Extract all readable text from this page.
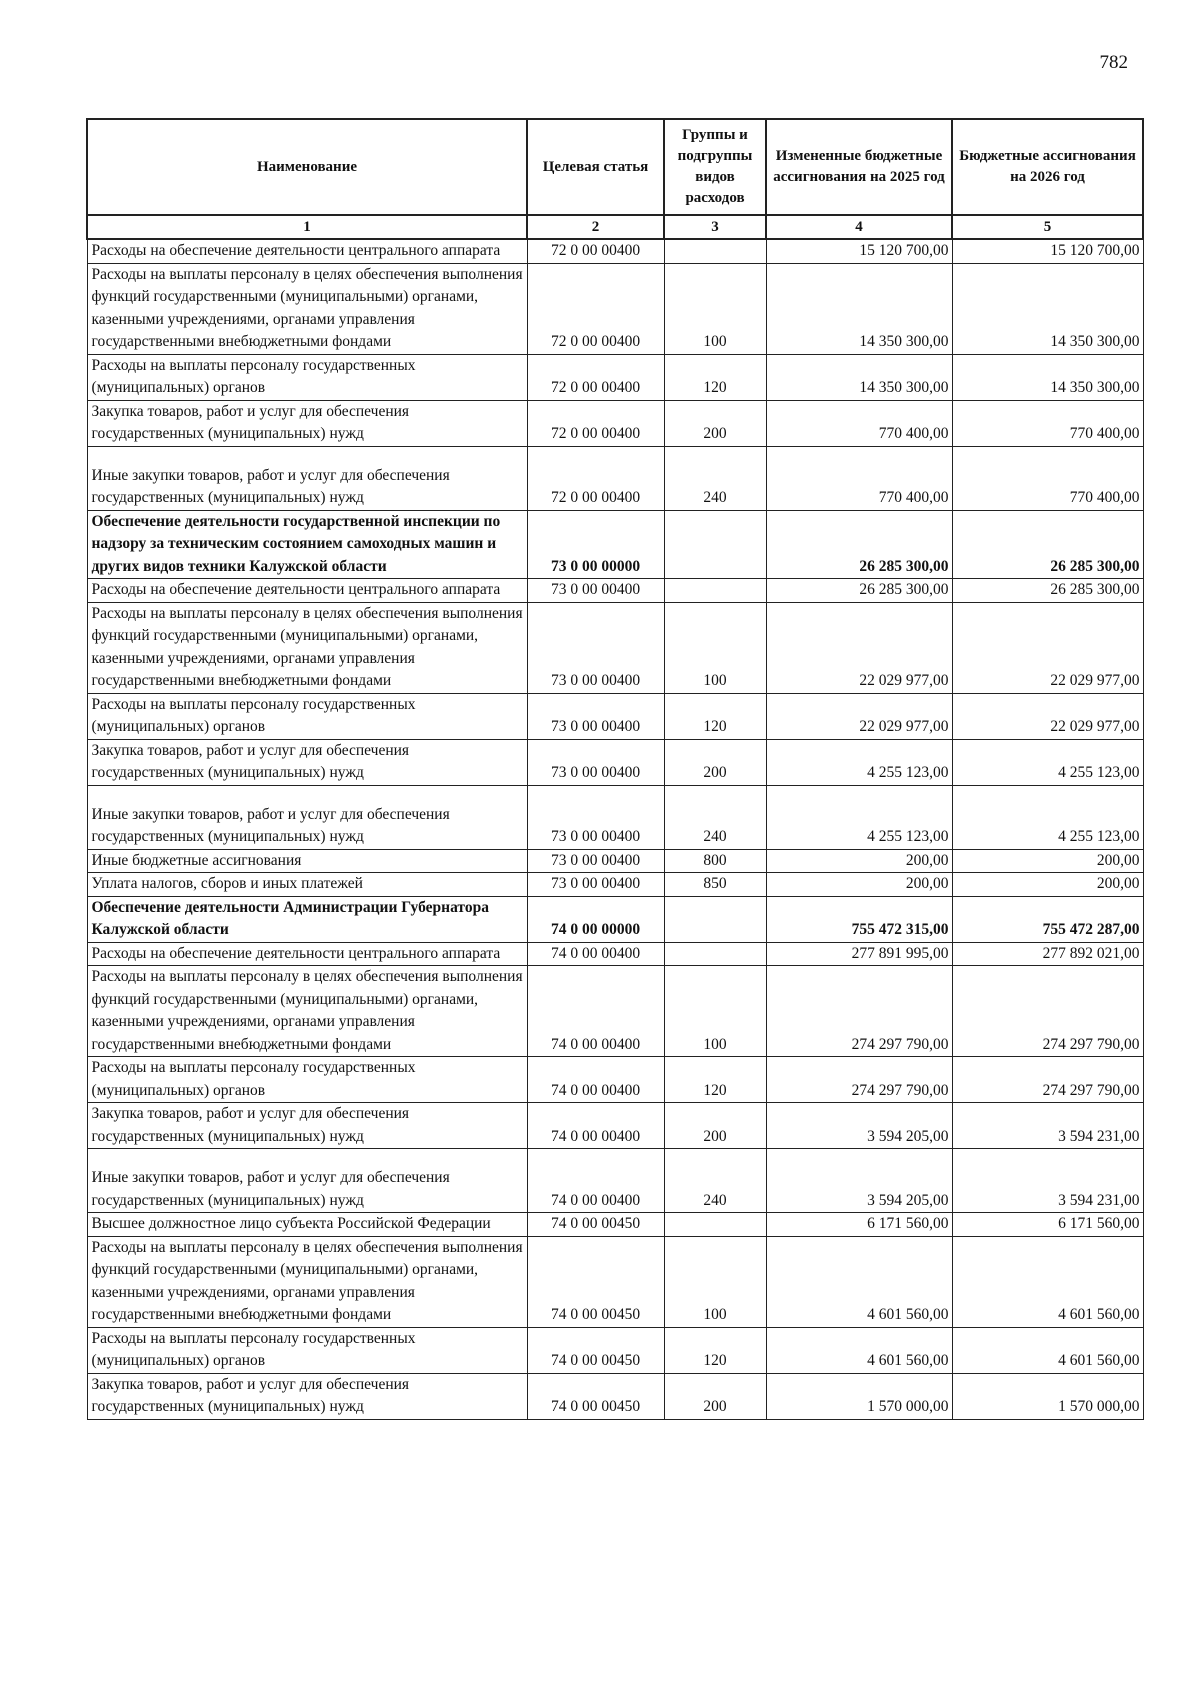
782
Наименование	Целевая статья	Группы и подгруппы видов расходов	Измененные бюджетные ассигнования на 2025 год	Бюджетные ассигнования на 2026 год
1	2	3	4	5
Расходы на обеспечение деятельности центрального аппарата	72 0 00 00400		15 120 700,00	15 120 700,00
Расходы на выплаты персоналу в целях обеспечения выполнения функций государственными (муниципальными) органами, казенными учреждениями, органами управления государственными внебюджетными фондами	72 0 00 00400	100	14 350 300,00	14 350 300,00
Расходы на выплаты персоналу государственных (муниципальных) органов	72 0 00 00400	120	14 350 300,00	14 350 300,00
Закупка товаров, работ и услуг для обеспечения государственных (муниципальных) нужд	72 0 00 00400	200	770 400,00	770 400,00
Иные закупки товаров, работ и услуг для обеспечения государственных (муниципальных) нужд	72 0 00 00400	240	770 400,00	770 400,00
Обеспечение деятельности государственной инспекции по надзору за техническим состоянием самоходных машин и других видов техники Калужской области	73 0 00 00000		26 285 300,00	26 285 300,00
Расходы на обеспечение деятельности центрального аппарата	73 0 00 00400		26 285 300,00	26 285 300,00
Расходы на выплаты персоналу в целях обеспечения выполнения функций государственными (муниципальными) органами, казенными учреждениями, органами управления государственными внебюджетными фондами	73 0 00 00400	100	22 029 977,00	22 029 977,00
Расходы на выплаты персоналу государственных (муниципальных) органов	73 0 00 00400	120	22 029 977,00	22 029 977,00
Закупка товаров, работ и услуг для обеспечения государственных (муниципальных) нужд	73 0 00 00400	200	4 255 123,00	4 255 123,00
Иные закупки товаров, работ и услуг для обеспечения государственных (муниципальных) нужд	73 0 00 00400	240	4 255 123,00	4 255 123,00
Иные бюджетные ассигнования	73 0 00 00400	800	200,00	200,00
Уплата налогов, сборов и иных платежей	73 0 00 00400	850	200,00	200,00
Обеспечение деятельности Администрации Губернатора Калужской области	74 0 00 00000		755 472 315,00	755 472 287,00
Расходы на обеспечение деятельности центрального аппарата	74 0 00 00400		277 891 995,00	277 892 021,00
Расходы на выплаты персоналу в целях обеспечения выполнения функций государственными (муниципальными) органами, казенными учреждениями, органами управления государственными внебюджетными фондами	74 0 00 00400	100	274 297 790,00	274 297 790,00
Расходы на выплаты персоналу государственных (муниципальных) органов	74 0 00 00400	120	274 297 790,00	274 297 790,00
Закупка товаров, работ и услуг для обеспечения государственных (муниципальных) нужд	74 0 00 00400	200	3 594 205,00	3 594 231,00
Иные закупки товаров, работ и услуг для обеспечения государственных (муниципальных) нужд	74 0 00 00400	240	3 594 205,00	3 594 231,00
Высшее должностное лицо субъекта Российской Федерации	74 0 00 00450		6 171 560,00	6 171 560,00
Расходы на выплаты персоналу в целях обеспечения выполнения функций государственными (муниципальными) органами, казенными учреждениями, органами управления государственными внебюджетными фондами	74 0 00 00450	100	4 601 560,00	4 601 560,00
Расходы на выплаты персоналу государственных (муниципальных) органов	74 0 00 00450	120	4 601 560,00	4 601 560,00
Закупка товаров, работ и услуг для обеспечения государственных (муниципальных) нужд	74 0 00 00450	200	1 570 000,00	1 570 000,00
